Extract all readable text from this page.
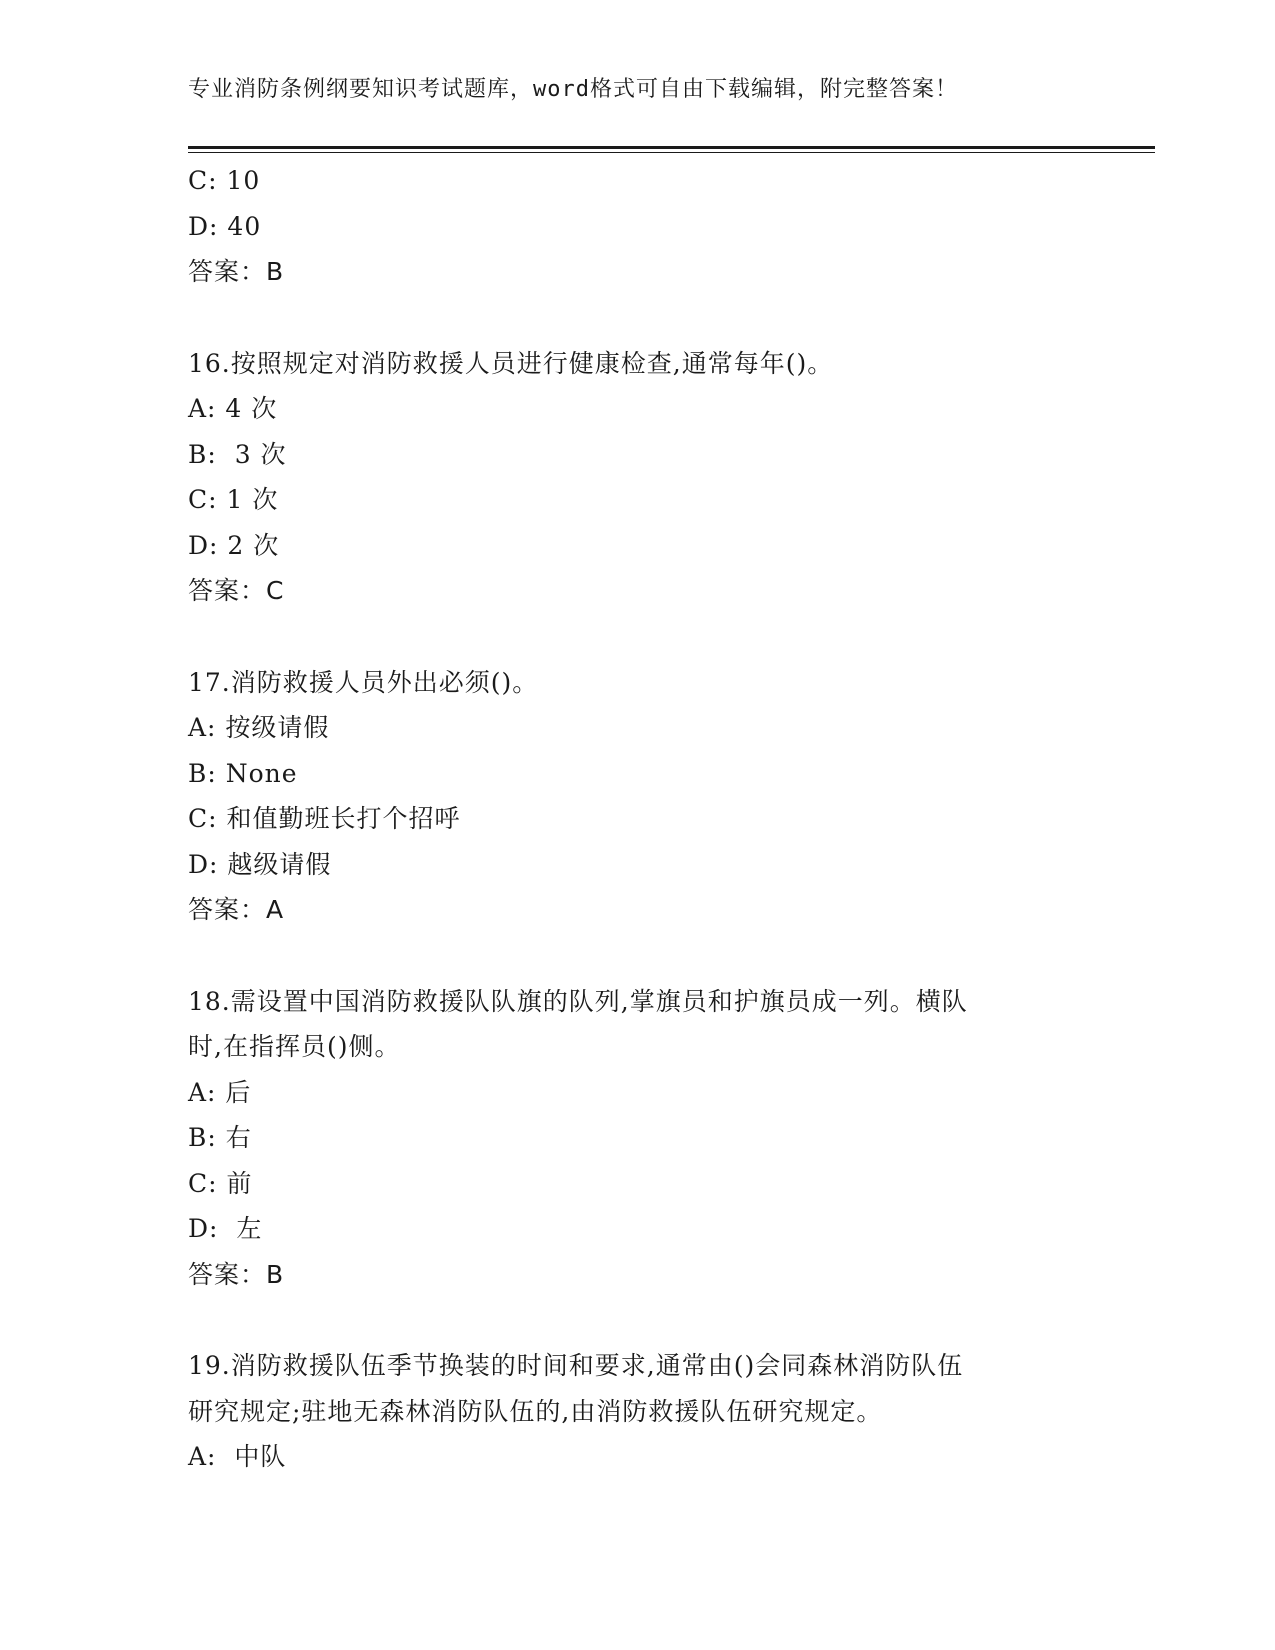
专业消防条例纲要知识考试题库，word格式可自由下载编辑，附完整答案！
C: 10
D: 40
答案：B
16.按照规定对消防救援人员进行健康检查,通常每年()。
A: 4 次
B:  3 次
C: 1 次
D: 2 次
答案：C
17.消防救援人员外出必须()。
A: 按级请假
B: None
C: 和值勤班长打个招呼
D: 越级请假
答案：A
18.需设置中国消防救援队队旗的队列,掌旗员和护旗员成一列。横队
时,在指挥员()侧。
A: 后
B: 右
C: 前
D:  左
答案：B
19.消防救援队伍季节换装的时间和要求,通常由()会同森林消防队伍
研究规定;驻地无森林消防队伍的,由消防救援队伍研究规定。
A:  中队
